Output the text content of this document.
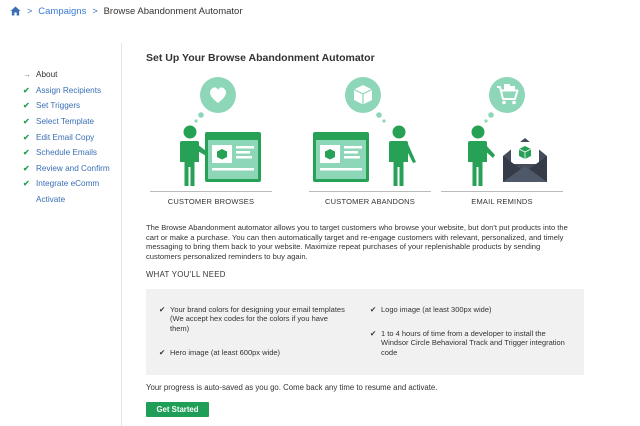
> Campaigns > Browse Abandonment Automator
→ About
✔ Assign Recipients
✔ Set Triggers
✔ Select Template
✔ Edit Email Copy
✔ Schedule Emails
✔ Review and Confirm
✔ Integrate eComm
Activate
Set Up Your Browse Abandonment Automator
CUSTOMER BROWSES	CUSTOMER ABANDONS	EMAIL REMINDS
The Browse Abandonment automator allows you to target customers who browse your website, but don't put products into the
cart or make a purchase. You can then automatically target and re-engage customers with relevant, personalized, and timely
messaging to bring them back to your website. Maximize repeat purchases of your replenishable products by sending
customers personalized reminders to buy again.
WHAT YOU'LL NEED
✔ Your brand colors for designing your email templates
(We accept hex codes for the colors if you have
them)
✔ Hero image (at least 600px wide)
✔ Logo image (at least 300px wide)
✔ 1 to 4 hours of time from a developer to install the
Windsor Circle Behavioral Track and Trigger integration
code
Your progress is auto-saved as you go. Come back any time to resume and activate.
Get Started
